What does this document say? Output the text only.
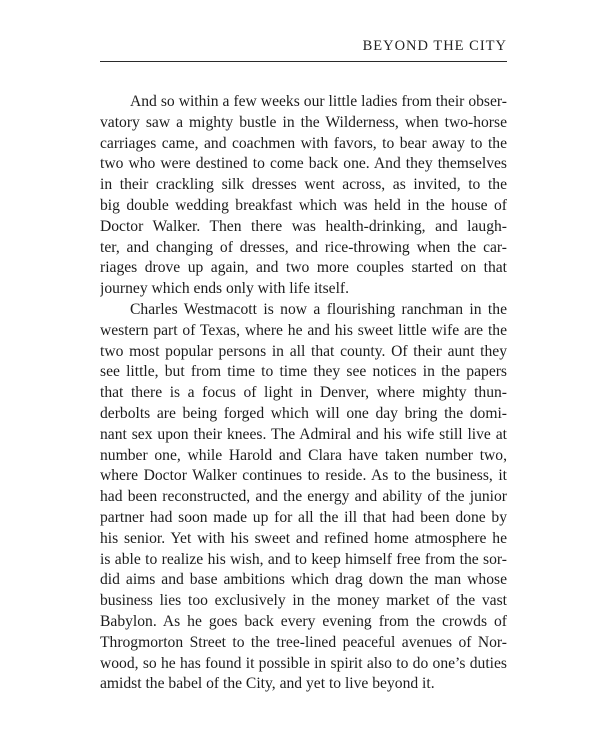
BEYOND THE CITY
And so within a few weeks our little ladies from their obser-
vatory saw a mighty bustle in the Wilderness, when two-horse
carriages came, and coachmen with favors, to bear away to the
two who were destined to come back one. And they themselves
in their crackling silk dresses went across, as invited, to the
big double wedding breakfast which was held in the house of
Doctor Walker. Then there was health-drinking, and laugh-
ter, and changing of dresses, and rice-throwing when the car-
riages drove up again, and two more couples started on that
journey which ends only with life itself.
Charles Westmacott is now a flourishing ranchman in the
western part of Texas, where he and his sweet little wife are the
two most popular persons in all that county. Of their aunt they
see little, but from time to time they see notices in the papers
that there is a focus of light in Denver, where mighty thun-
derbolts are being forged which will one day bring the domi-
nant sex upon their knees. The Admiral and his wife still live at
number one, while Harold and Clara have taken number two,
where Doctor Walker continues to reside. As to the business, it
had been reconstructed, and the energy and ability of the junior
partner had soon made up for all the ill that had been done by
his senior. Yet with his sweet and refined home atmosphere he
is able to realize his wish, and to keep himself free from the sor-
did aims and base ambitions which drag down the man whose
business lies too exclusively in the money market of the vast
Babylon. As he goes back every evening from the crowds of
Throgmorton Street to the tree-lined peaceful avenues of Nor-
wood, so he has found it possible in spirit also to do one’s duties
amidst the babel of the City, and yet to live beyond it.
